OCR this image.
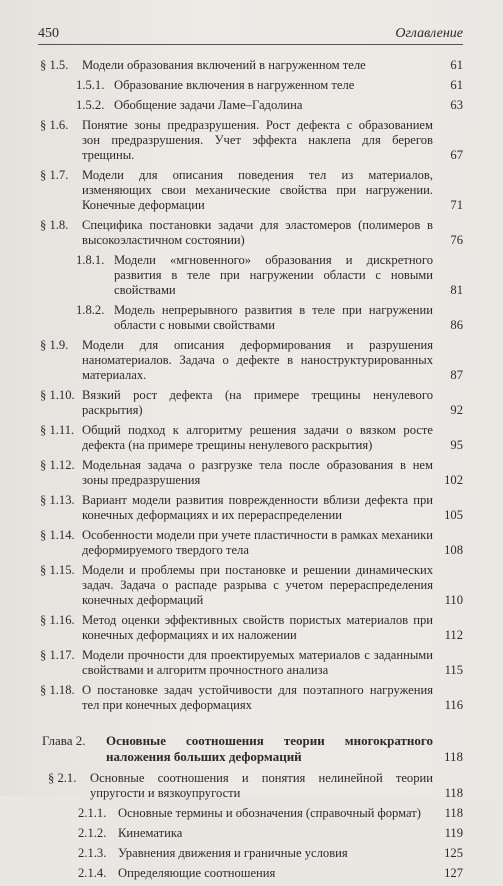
450	Оглавление
§ 1.5. Модели образования включений в нагруженном теле	61
1.5.1. Образование включения в нагруженном теле	61
1.5.2. Обобщение задачи Ламе–Гадолина	63
§ 1.6. Понятие зоны предразрушения. Рост дефекта с образованием зон предразрушения. Учет эффекта наклепа для берегов трещины.	67
§ 1.7. Модели для описания поведения тел из материалов, изменяющих свои механические свойства при нагружении. Конечные деформации	71
§ 1.8. Специфика постановки задачи для эластомеров (полимеров в высокоэластичном состоянии)	76
1.8.1. Модели «мгновенного» образования и дискретного развития в теле при нагружении области с новыми свойствами	81
1.8.2. Модель непрерывного развития в теле при нагружении области с новыми свойствами	86
§ 1.9. Модели для описания деформирования и разрушения наноматериалов. Задача о дефекте в наноструктурированных материалах.	87
§ 1.10. Вязкий рост дефекта (на примере трещины ненулевого раскрытия)	92
§ 1.11. Общий подход к алгоритму решения задачи о вязком росте дефекта (на примере трещины ненулевого раскрытия)	95
§ 1.12. Модельная задача о разгрузке тела после образования в нем зоны предразрушения	102
§ 1.13. Вариант модели развития поврежденности вблизи дефекта при конечных деформациях и их перераспределении	105
§ 1.14. Особенности модели при учете пластичности в рамках механики деформируемого твердого тела	108
§ 1.15. Модели и проблемы при постановке и решении динамических задач. Задача о распаде разрыва с учетом перераспределения конечных деформаций	110
§ 1.16. Метод оценки эффективных свойств пористых материалов при конечных деформациях и их наложении	112
§ 1.17. Модели прочности для проектируемых материалов с заданными свойствами и алгоритм прочностного анализа	115
§ 1.18. О постановке задач устойчивости для поэтапного нагружения тел при конечных деформациях	116
Глава 2. Основные соотношения теории многократного наложения больших деформаций	118
§ 2.1. Основные соотношения и понятия нелинейной теории упругости и вязкоупругости	118
2.1.1. Основные термины и обозначения (справочный формат)	118
2.1.2. Кинематика	119
2.1.3. Уравнения движения и граничные условия	125
2.1.4. Определяющие соотношения	127
